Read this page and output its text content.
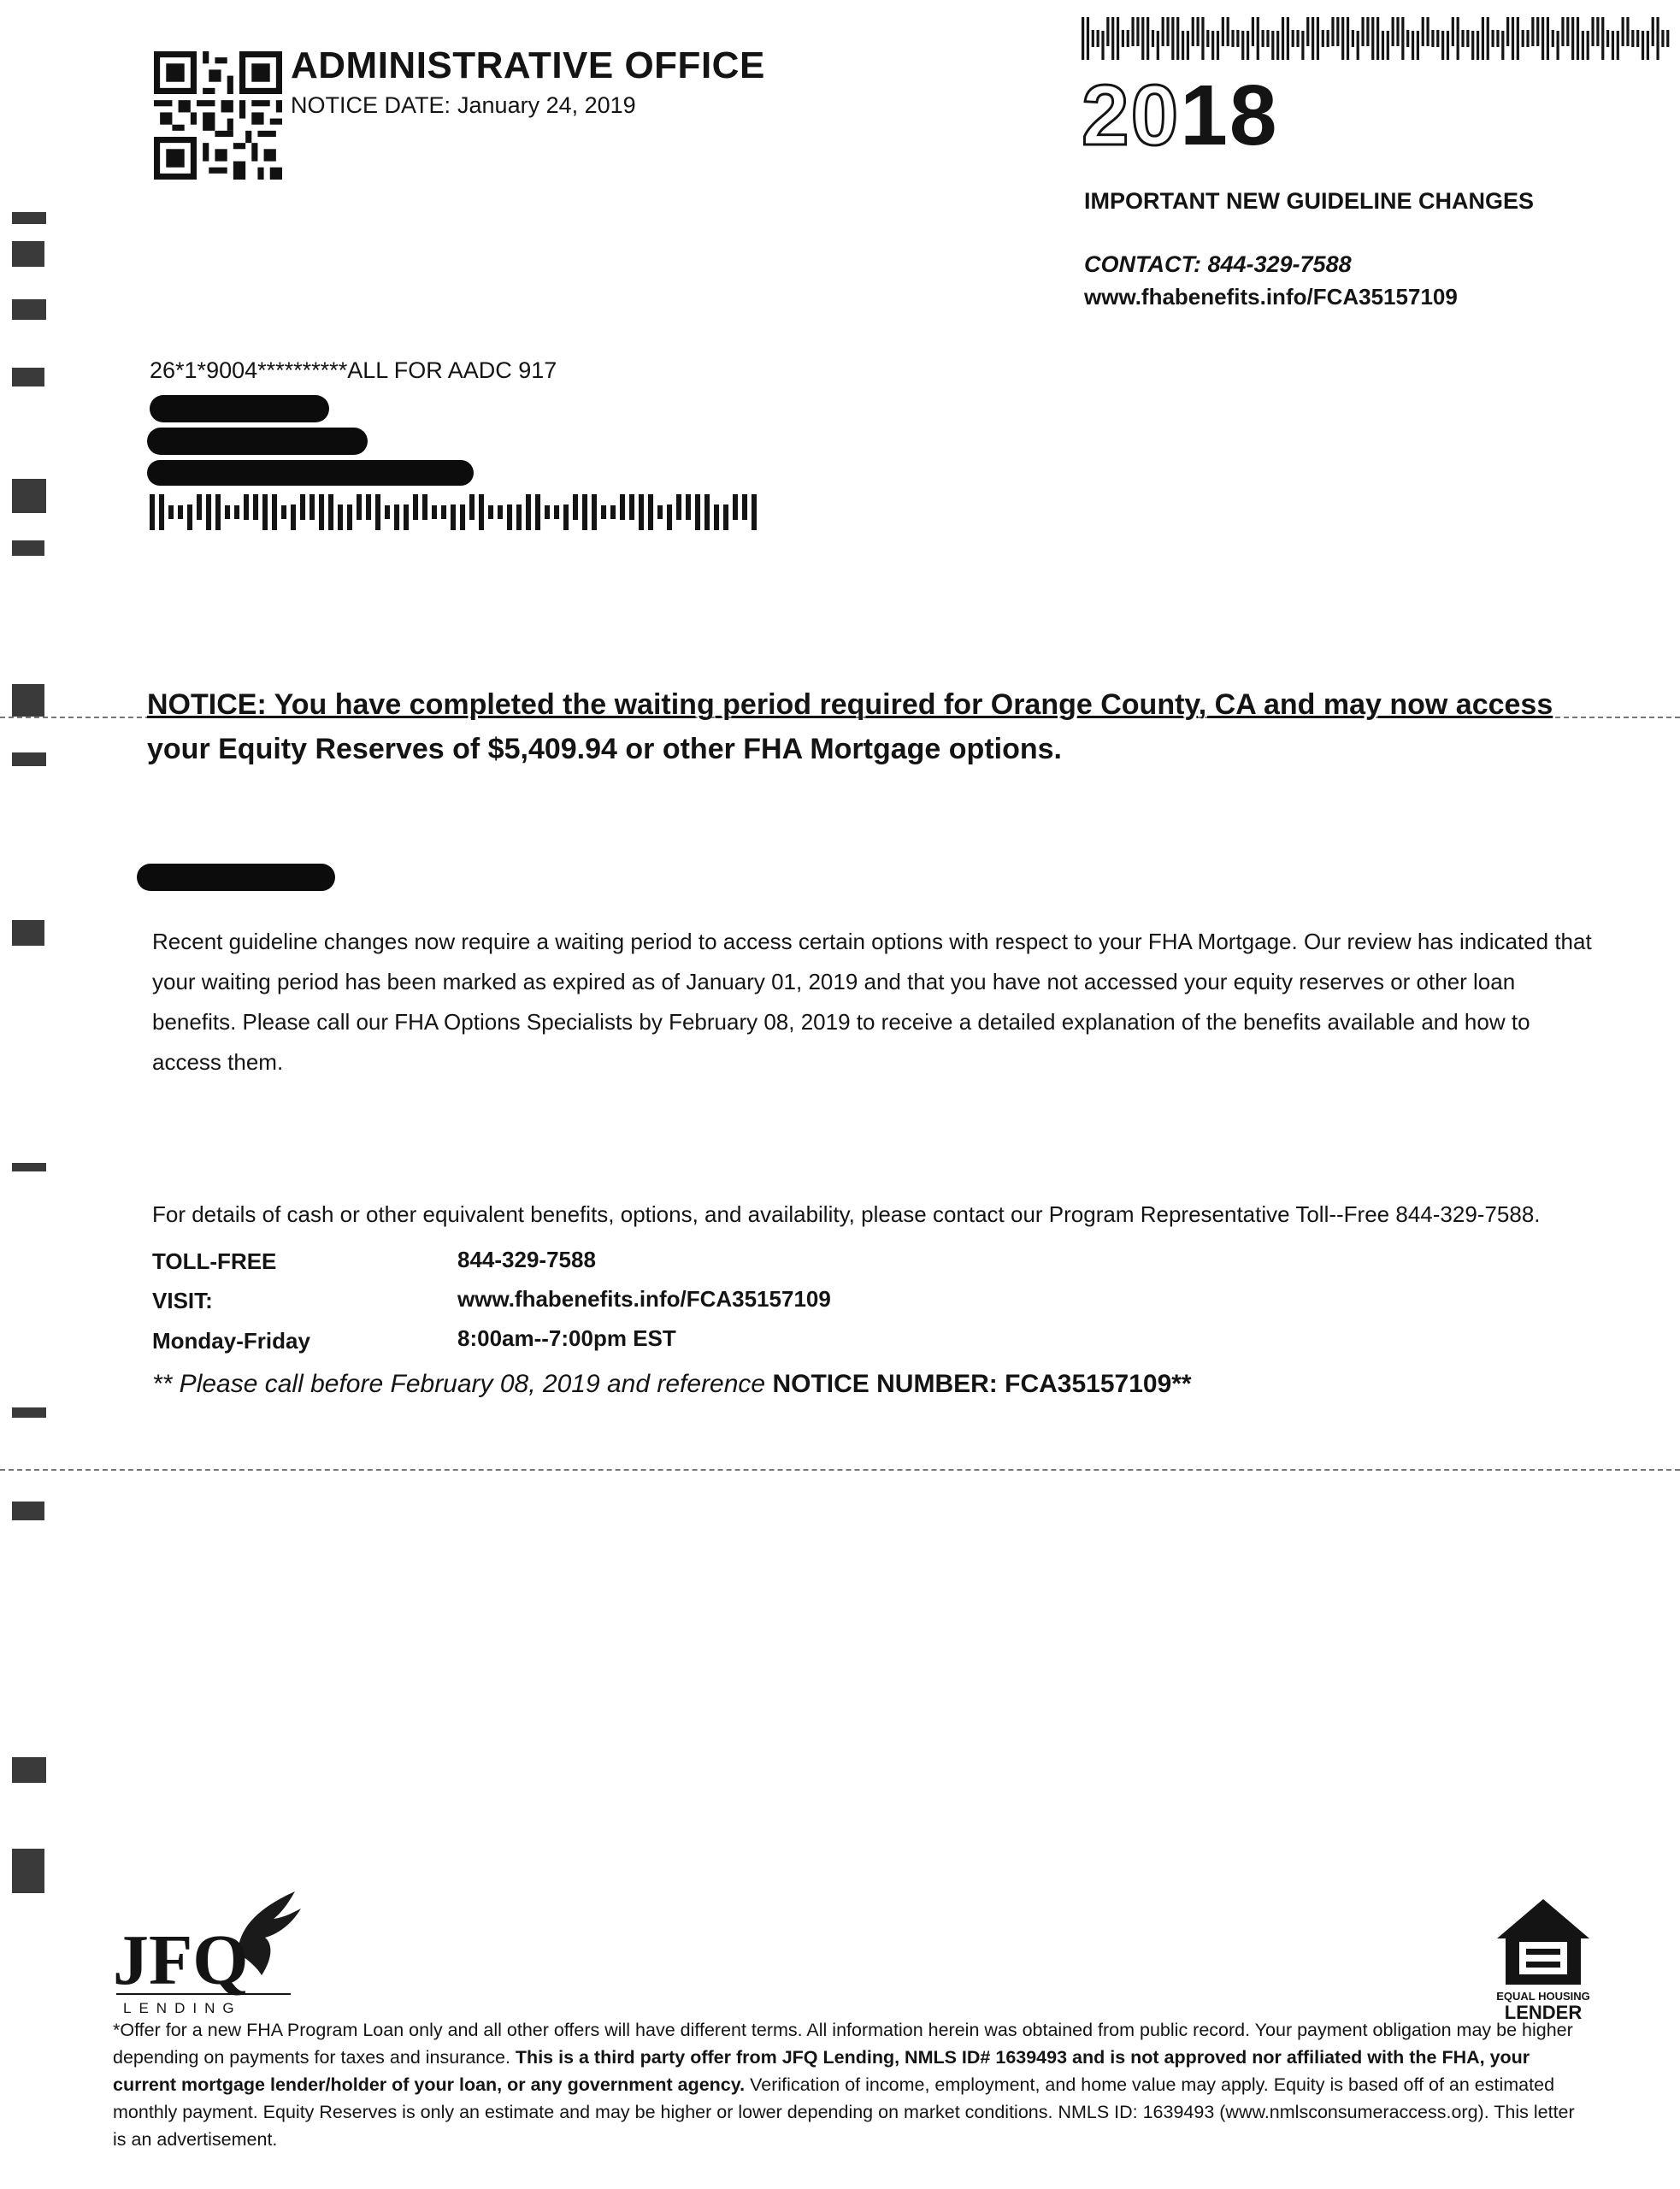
ADMINISTRATIVE OFFICE
NOTICE DATE: January 24, 2019	2018
IMPORTANT NEW GUIDELINE CHANGES
CONTACT: 844-329-7588
www.fhabenefits.info/FCA35157109
26*1*9004**********ALL FOR AADC 917
NOTICE: You have completed the waiting period required for Orange County, CA and may now access
your Equity Reserves of $5,409.94 or other FHA Mortgage options.
Recent guideline changes now require a waiting period to access certain options with respect to your FHA Mortgage. Our review has indicated that your waiting period has been marked as expired as of January 01, 2019 and that you have not accessed your equity reserves or other loan benefits. Please call our FHA Options Specialists by February 08, 2019 to receive a detailed explanation of the benefits available and how to access them.
For details of cash or other equivalent benefits, options, and availability, please contact our Program Representative Toll--Free 844-329-7588.
TOLL-FREE	844-329-7588
VISIT:	www.fhabenefits.info/FCA35157109
Monday-Friday	8:00am--7:00pm EST
** Please call before February 08, 2019 and reference NOTICE NUMBER: FCA35157109**
JFQ
LENDING
EQUAL HOUSING
LENDER
*Offer for a new FHA Program Loan only and all other offers will have different terms. All information herein was obtained from public record. Your payment obligation may be higher depending on payments for taxes and insurance. This is a third party offer from JFQ Lending, NMLS ID# 1639493 and is not approved nor affiliated with the FHA, your current mortgage lender/holder of your loan, or any government agency. Verification of income, employment, and home value may apply. Equity is based off of an estimated monthly payment. Equity Reserves is only an estimate and may be higher or lower depending on market conditions. NMLS ID: 1639493 (www.nmlsconsumeraccess.org). This letter is an advertisement.
